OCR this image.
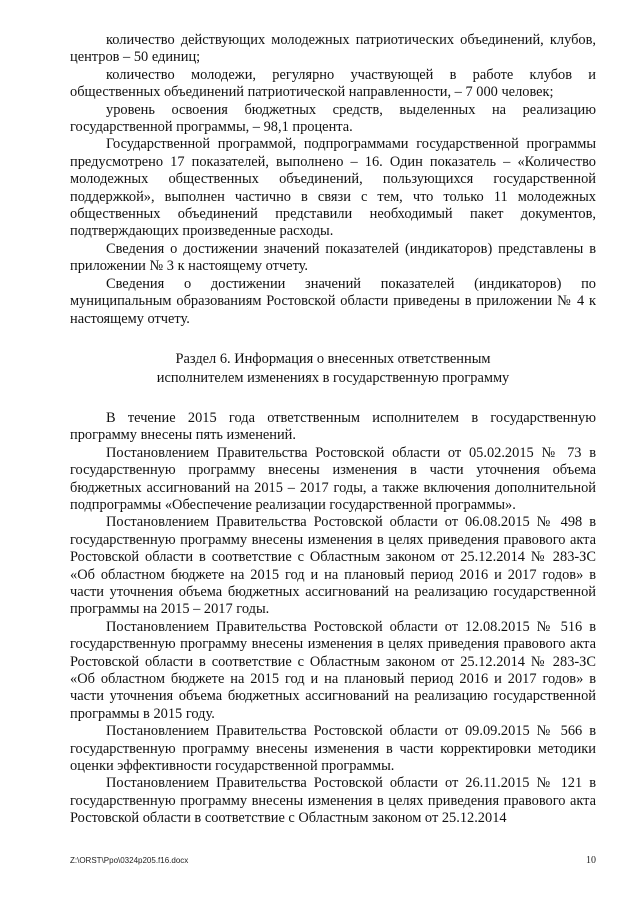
количество действующих молодежных патриотических объединений, клубов, центров – 50 единиц;

количество молодежи, регулярно участвующей в работе клубов и общественных объединений патриотической направленности, – 7 000 человек;

уровень освоения бюджетных средств, выделенных на реализацию государственной программы, – 98,1 процента.

Государственной программой, подпрограммами государственной программы предусмотрено 17 показателей, выполнено – 16. Один показатель – «Количество молодежных общественных объединений, пользующихся государственной поддержкой», выполнен частично в связи с тем, что только 11 молодежных общественных объединений представили необходимый пакет документов, подтверждающих произведенные расходы.

Сведения о достижении значений показателей (индикаторов) представлены в приложении № 3 к настоящему отчету.

Сведения о достижении значений показателей (индикаторов) по муниципальным образованиям Ростовской области приведены в приложении № 4 к настоящему отчету.

Раздел 6. Информация о внесенных ответственным
исполнителем изменениях в государственную программу

В течение 2015 года ответственным исполнителем в государственную программу внесены пять изменений.

Постановлением Правительства Ростовской области от 05.02.2015 № 73 в государственную программу внесены изменения в части уточнения объема бюджетных ассигнований на 2015 – 2017 годы, а также включения дополнительной подпрограммы «Обеспечение реализации государственной программы».

Постановлением Правительства Ростовской области от 06.08.2015 № 498 в государственную программу внесены изменения в целях приведения правового акта Ростовской области в соответствие с Областным законом от 25.12.2014 № 283-ЗС «Об областном бюджете на 2015 год и на плановый период 2016 и 2017 годов» в части уточнения объема бюджетных ассигнований на реализацию государственной программы на 2015 – 2017 годы.

Постановлением Правительства Ростовской области от 12.08.2015 № 516 в государственную программу внесены изменения в целях приведения правового акта Ростовской области в соответствие с Областным законом от 25.12.2014 № 283-ЗС «Об областном бюджете на 2015 год и на плановый период 2016 и 2017 годов» в части уточнения объема бюджетных ассигнований на реализацию государственной программы в 2015 году.

Постановлением Правительства Ростовской области от 09.09.2015 № 566 в государственную программу внесены изменения в части корректировки методики оценки эффективности государственной программы.

Постановлением Правительства Ростовской области от 26.11.2015 № 121 в государственную программу внесены изменения в целях приведения правового акта Ростовской области в соответствие с Областным законом от 25.12.2014

Z:\ORST\Ppo\0324p205.f16.docx	10
